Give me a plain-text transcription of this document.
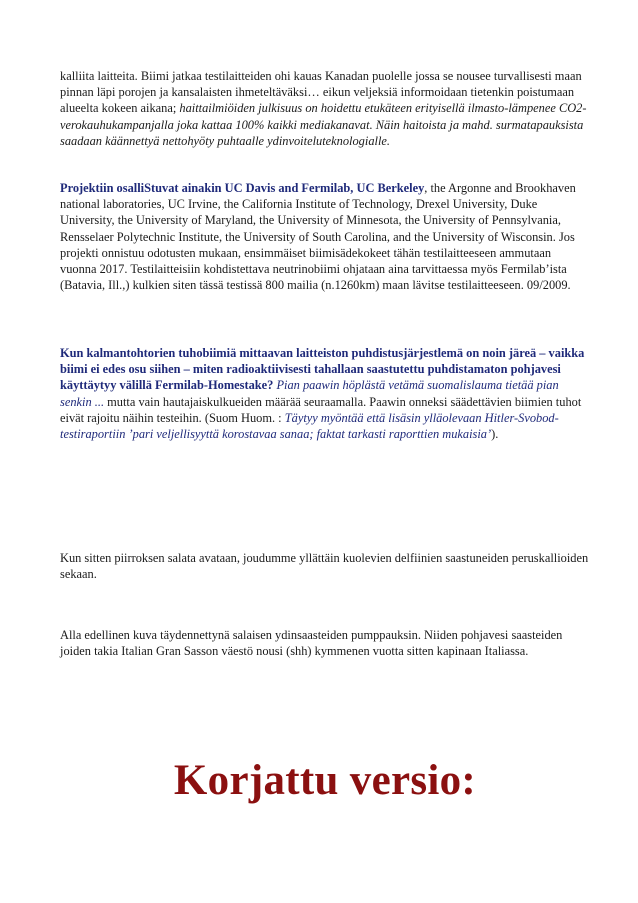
kalliita laitteita. Biimi jatkaa testilaitteiden ohi kauas Kanadan puolelle jossa se nousee turvallisesti maan pinnan läpi porojen ja kansalaisten ihmeteltäväksi… eikun veljeksiä informoidaan tietenkin poistumaan alueelta kokeen aikana; haittailmiöiden julkisuus on hoidettu etukäteen erityisellä ilmasto-lämpenee CO2-verokauhukampanjalla joka kattaa 100% kaikki mediakanavat. Näin haitoista ja mahd. surmatapauksista saadaan käännettyä nettohyöty puhtaalle ydinvoiteluteknologialle.

Projektiin osalliStuvat ainakin UC Davis and Fermilab, UC Berkeley, the Argonne and Brookhaven national laboratories, UC Irvine, the California Institute of Technology, Drexel University, Duke University, the University of Maryland, the University of Minnesota, the University of Pennsylvania, Rensselaer Polytechnic Institute, the University of South Carolina, and the University of Wisconsin. Jos projekti onnistuu odotusten mukaan, ensimmäiset biimisädekokeet tähän testilaitteeseen ammutaan vuonna 2017. Testilaitteisiin kohdistettava neutrinobiimi ohjataan aina tarvittaessa myös Fermilab’ista (Batavia, Ill.,) kulkien siten tässä testissä 800 mailia (n.1260km) maan lävitse testilaitteeseen. 09/2009.

Kun kalmantohtorien tuhobiimiä mittaavan laitteiston puhdistusjärjestlemä on noin järeä – vaikka biimi ei edes osu siihen – miten radioaktiivisesti tahallaan saastutettu puhdistamaton pohjavesi käyttäytyy välillä Fermilab-Homestake? Pian paawin höplästä vetämä suomalislauma tietää pian senkin ... mutta vain hautajaiskulkueiden määrää seuraamalla. Paawin onneksi säädettävien biimien tuhot eivät rajoitu näihin testeihin. (Suom Huom. : Täytyy myöntää että lisäsin ylläolevaan Hitler-Svobod-testiraportiin ’pari veljellisyyttä korostavaa sanaa; faktat tarkasti raporttien mukaisia’).

Kun sitten piirroksen salata avataan, joudumme yllättäin kuolevien delfiinien saastuneiden peruskallioiden sekaan.

Alla edellinen kuva täydennettynä salaisen ydinsaasteiden pumppauksin. Niiden pohjavesi saasteiden joiden takia Italian Gran Sasson väestö nousi (shh) kymmenen vuotta sitten kapinaan Italiassa.

Korjattu versio:
